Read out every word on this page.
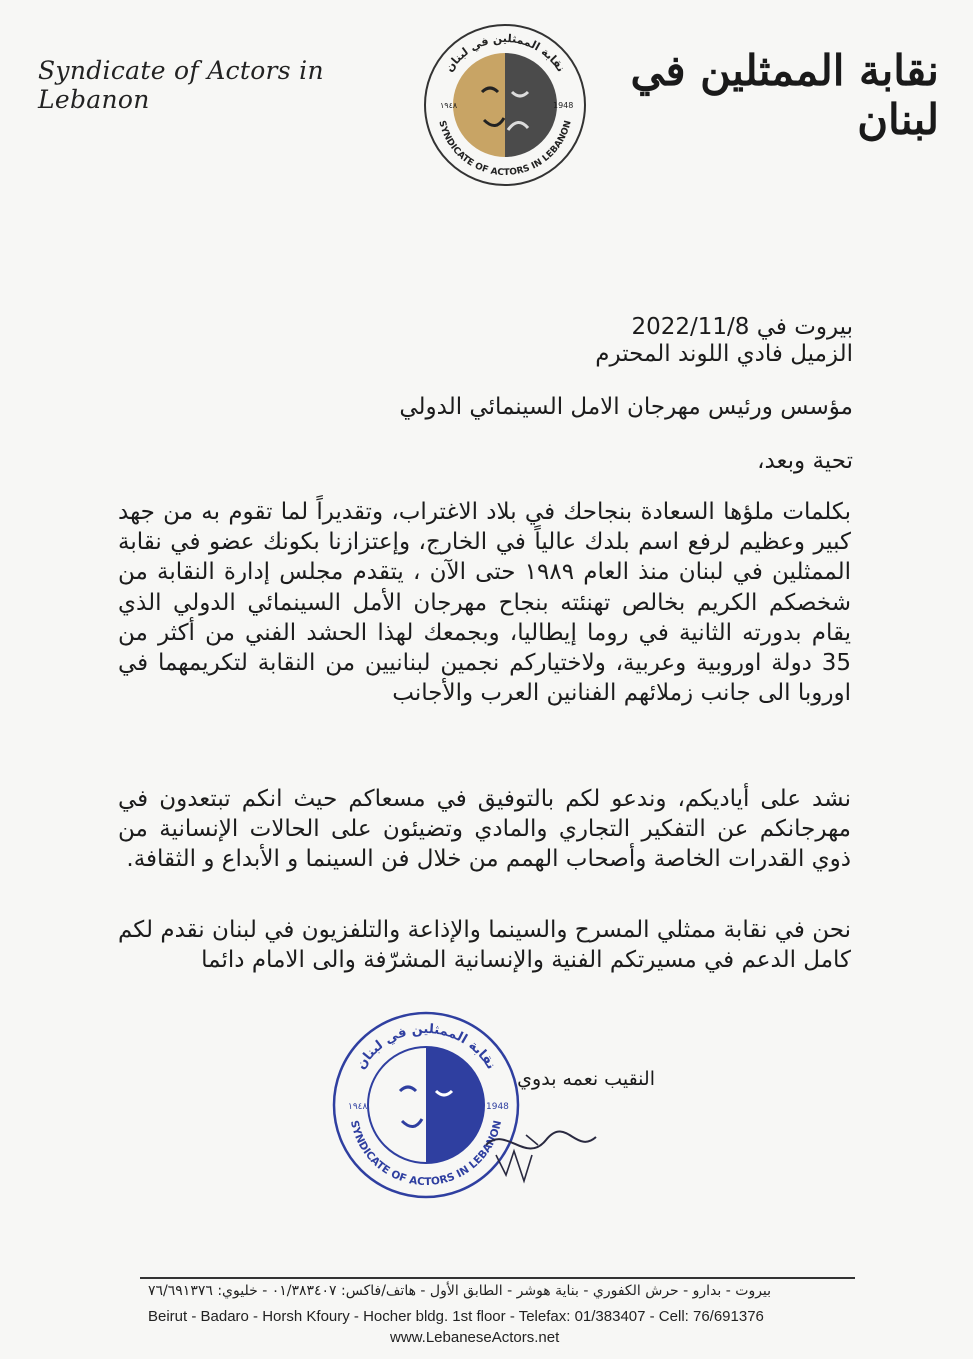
Syndicate of Actors in Lebanon
نقابة الممثلين في لبنان
SYNDICATE OF ACTORS IN LEBANON
١٩٤٨	1948
نقابة الممثلين في لبنان
بيروت في 2022/11/8
الزميل فادي اللوند المحترم
مؤسس ورئيس مهرجان الامل السينمائي الدولي
تحية وبعد،
بكلمات ملؤها السعادة بنجاحك في بلاد الاغتراب، وتقديراً لما تقوم به من جهد كبير وعظيم لرفع اسم بلدك عالياً في الخارج، وإعتزازنا بكونك عضو في نقابة الممثلين في لبنان منذ العام ١٩٨٩ حتى الآن ، يتقدم مجلس إدارة النقابة من شخصكم الكريم بخالص تهنئته بنجاح مهرجان الأمل السينمائي الدولي الذي يقام بدورته الثانية في روما إيطاليا، وبجمعك لهذا الحشد الفني من أكثر من 35 دولة اوروبية وعربية، ولاختياركم نجمين لبنانيين من النقابة لتكريمهما في اوروبا الى جانب زملائهم الفنانين العرب والأجانب
نشد على أياديكم، وندعو لكم بالتوفيق في مسعاكم حيث انكم تبتعدون في مهرجانكم عن التفكير التجاري والمادي وتضيئون على الحالات الإنسانية من ذوي القدرات الخاصة وأصحاب الهمم من خلال فن السينما و الأبداع و الثقافة.
نحن في نقابة ممثلي المسرح والسينما والإذاعة والتلفزيون في لبنان نقدم لكم كامل الدعم في مسيرتكم الفنية والإنسانية المشرّفة والى الامام دائما
نقابة الممثلين في لبنان
SYNDICATE OF ACTORS IN LEBANON
١٩٤٨	1948
النقيب نعمه بدوي
بيروت - بدارو - حرش الكفوري - بناية هوشر - الطابق الأول - هاتف/فاكس: ٠١/٣٨٣٤٠٧ - خليوي: ٧٦/٦٩١٣٧٦
Beirut - Badaro - Horsh Kfoury - Hocher bldg. 1st floor - Telefax: 01/383407 - Cell: 76/691376
www.LebaneseActors.net
